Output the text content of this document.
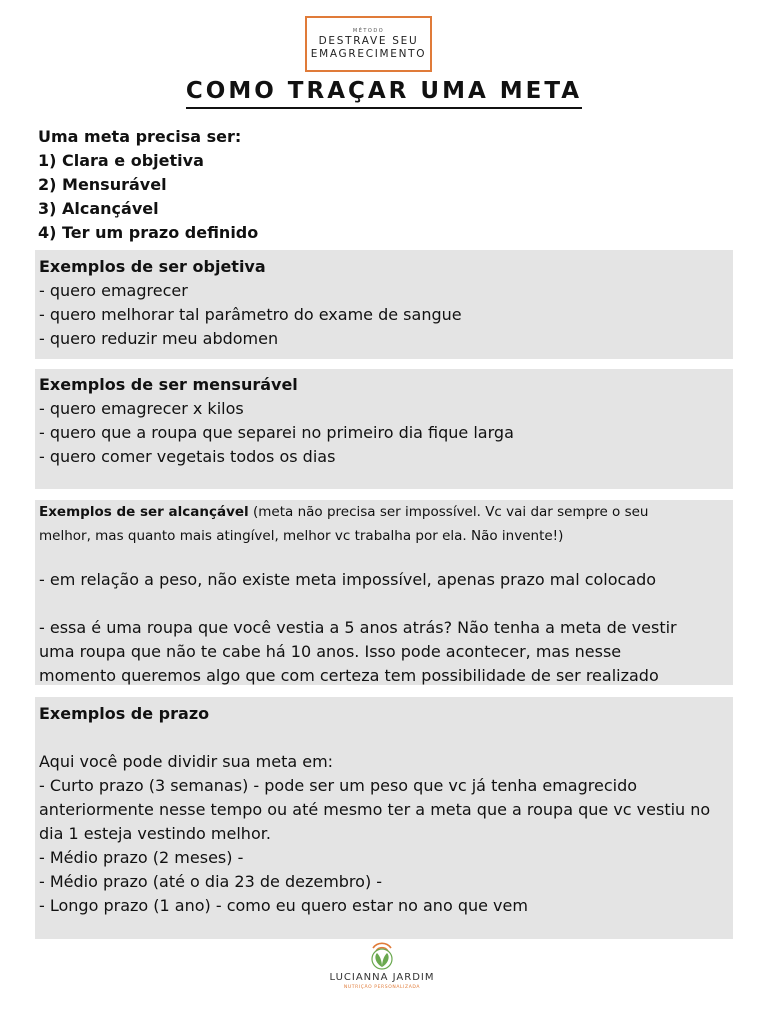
MÉTODO
DESTRAVE SEU
EMAGRECIMENTO
COMO TRAÇAR UMA META
Uma meta precisa ser:
1) Clara e objetiva
2) Mensurável
3) Alcançável
4) Ter um prazo definido
Exemplos de ser objetiva
- quero emagrecer
- quero melhorar tal parâmetro do exame de sangue
- quero reduzir meu abdomen
Exemplos de ser mensurável
- quero emagrecer x kilos
- quero que a roupa que separei no primeiro dia fique larga
- quero comer vegetais todos os dias
Exemplos de ser alcançável (meta não precisa ser impossível. Vc vai dar sempre o seu
melhor, mas quanto mais atingível, melhor vc trabalha por ela. Não invente!)
- em relação a peso, não existe meta impossível, apenas prazo mal colocado
- essa é uma roupa que você vestia a 5 anos atrás? Não tenha a meta de vestir
uma roupa que não te cabe há 10 anos. Isso pode acontecer, mas nesse
momento queremos algo que com certeza tem possibilidade de ser realizado
Exemplos de prazo
Aqui você pode dividir sua meta em:
- Curto prazo (3 semanas) - pode ser um peso que vc já tenha emagrecido
anteriormente nesse tempo ou até mesmo ter a meta que a roupa que vc vestiu no
dia 1 esteja vestindo melhor.
- Médio prazo (2 meses) -
- Médio prazo (até o dia 23 de dezembro) -
- Longo prazo (1 ano) - como eu quero estar no ano que vem
LUCIANNA JARDIM
NUTRIÇÃO PERSONALIZADA
